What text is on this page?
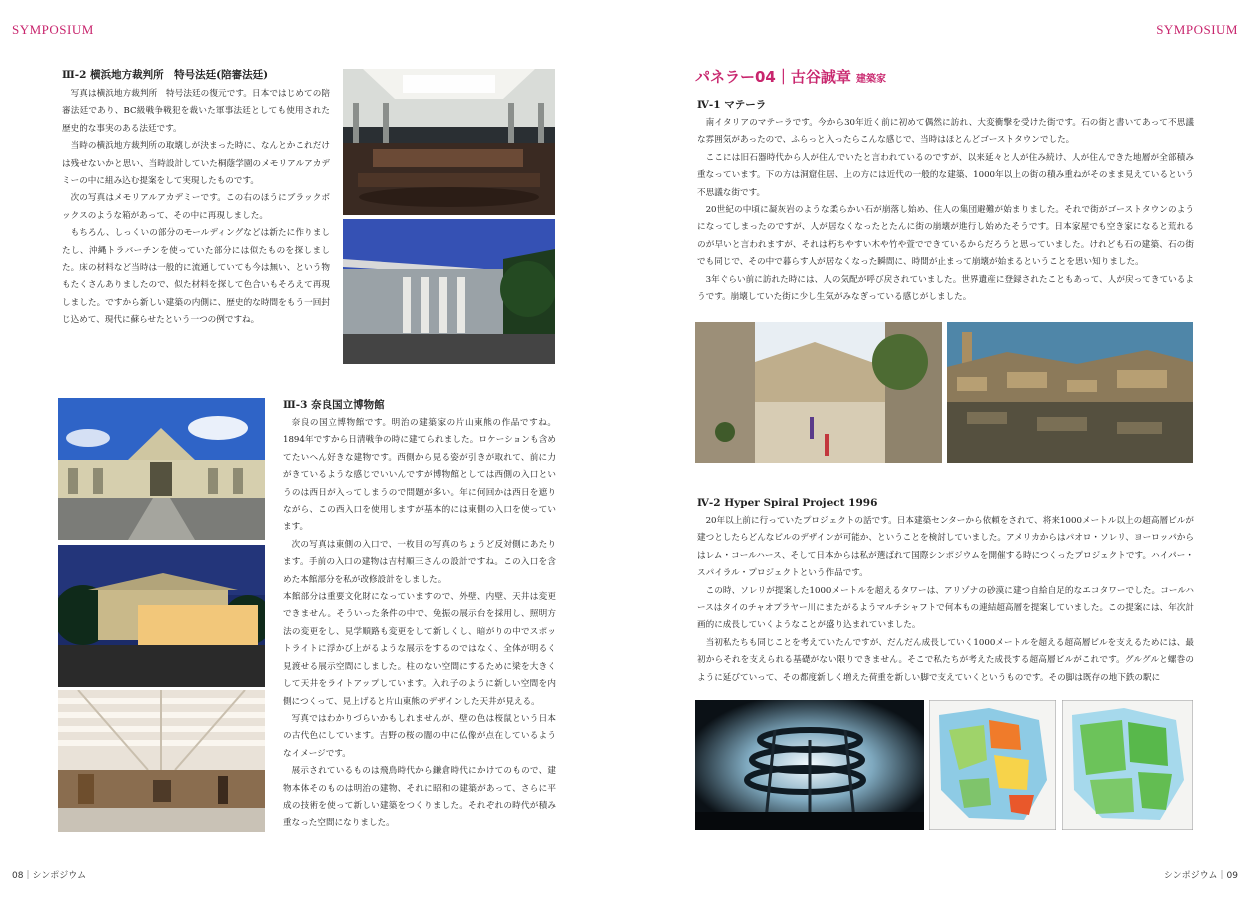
SYMPOSIUM	SYMPOSIUM
Ⅲ-2 横浜地方裁判所　特号法廷(陪審法廷)

写真は横浜地方裁判所　特号法廷の復元です。日本ではじめての陪審法廷であり、BC級戦争戦犯を裁いた軍事法廷としても使用された歴史的な事実のある法廷です。

当時の横浜地方裁判所の取壊しが決まった時に、なんとかこれだけは残せないかと思い、当時設計していた桐蔭学園のメモリアルアカデミーの中に組み込む提案をして実現したものです。

次の写真はメモリアルアカデミーです。この右のほうにブラックボックスのような箱があって、その中に再現しました。

もちろん、しっくいの部分のモールディングなどは新たに作りましたし、沖縄トラバーチンを使っていた部分には似たものを探しました。床の材料など当時は一般的に流通していても今は無い、という物もたくさんありましたので、似た材料を探して色合いもそろえて再現しました。ですから新しい建築の内側に、歴史的な時間をもう一回封じ込めて、現代に蘇らせたという一つの例ですね。

Ⅲ-3 奈良国立博物館

奈良の国立博物館です。明治の建築家の片山東熊の作品ですね。1894年ですから日清戦争の時に建てられました。ロケーションも含めてたいへん好きな建物です。西側から見る姿が引きが取れて、前に力がきているような感じでいいんですが博物館としては西側の入口というのは西日が入ってしまうので問題が多い。年に何回かは西日を遮りながら、この西入口を使用しますが基本的には東側の入口を使っています。

次の写真は東側の入口で、一枚目の写真のちょうど反対側にあたります。手前の入口の建物は吉村順三さんの設計ですね。この入口を含めた本館部分を私が改修設計をしました。

本館部分は重要文化財になっていますので、外壁、内壁、天井は変更できません。そういった条件の中で、免振の展示台を採用し、照明方法の変更をし、見学順路も変更をして新しくし、暗がりの中でスポットライトに浮かび上がるような展示をするのではなく、全体が明るく見渡せる展示空間にしました。柱のない空間にするために梁を大きくして天井をライトアップしています。入れ子のように新しい空間を内側につくって、見上げると片山東熊のデザインした天井が見える。

写真ではわかりづらいかもしれませんが、壁の色は桜鼠という日本の古代色にしています。吉野の桜の闇の中に仏像が点在しているようなイメージです。

展示されているものは飛鳥時代から鎌倉時代にかけてのもので、建物本体そのものは明治の建物、それに昭和の建築があって、さらに平成の技術を使って新しい建築をつくりました。それぞれの時代が積み重なった空間になりました。

パネラー04｜古谷誠章 建築家
Ⅳ-1 マテーラ

南イタリアのマテーラです。今から30年近く前に初めて偶然に訪れ、大変衝撃を受けた街です。石の街と書いてあって不思議な雰囲気があったので、ふらっと入ったらこんな感じで、当時はほとんどゴーストタウンでした。

ここには旧石器時代から人が住んでいたと言われているのですが、以来延々と人が住み続け、人が住んできた地層が全部積み重なっています。下の方は洞窟住居、上の方には近代の一般的な建築、1000年以上の街の積み重ねがそのまま見えているという不思議な街です。

20世紀の中頃に凝灰岩のような柔らかい石が崩落し始め、住人の集団避難が始まりました。それで街がゴーストタウンのようになってしまったのですが、人が居なくなったとたんに街の崩壊が進行し始めたそうです。日本家屋でも空き家になると荒れるのが早いと言われますが、それは朽ちやすい木や竹や萱でできているからだろうと思っていました。けれども石の建築、石の街でも同じで、その中で暮らす人が居なくなった瞬間に、時間が止まって崩壊が始まるということを思い知りました。

3年ぐらい前に訪れた時には、人の気配が呼び戻されていました。世界遺産に登録されたこともあって、人が戻ってきているようです。崩壊していた街に少し生気がみなぎっている感じがしました。

Ⅳ-2 Hyper Spiral Project 1996

20年以上前に行っていたプロジェクトの話です。日本建築センターから依頼をされて、将来1000メートル以上の超高層ビルが建つとしたらどんなビルのデザインが可能か、ということを検討していました。アメリカからはパオロ・ソレリ、ヨーロッパからはレム・コールハース、そして日本からは私が選ばれて国際シンポジウムを開催する時につくったプロジェクトです。ハイパー・スパイラル・プロジェクトという作品です。

この時、ソレリが提案した1000メートルを超えるタワーは、アリゾナの砂漠に建つ自給自足的なエコタワーでした。コールハースはタイのチャオプラヤー川にまたがるようマルチシャフトで何本もの連結超高層を提案していました。この提案には、年次計画的に成長していくようなことが盛り込まれていました。

当初私たちも同じことを考えていたんですが、だんだん成長していく1000メートルを超える超高層ビルを支えるためには、最初からそれを支えられる基礎がない限りできません。そこで私たちが考えた成長する超高層ビルがこれです。グルグルと螺巻のように延びていって、その都度新しく増えた荷重を新しい脚で支えていくというものです。その脚は既存の地下鉄の駅に

08｜シンポジウム	シンポジウム｜09
